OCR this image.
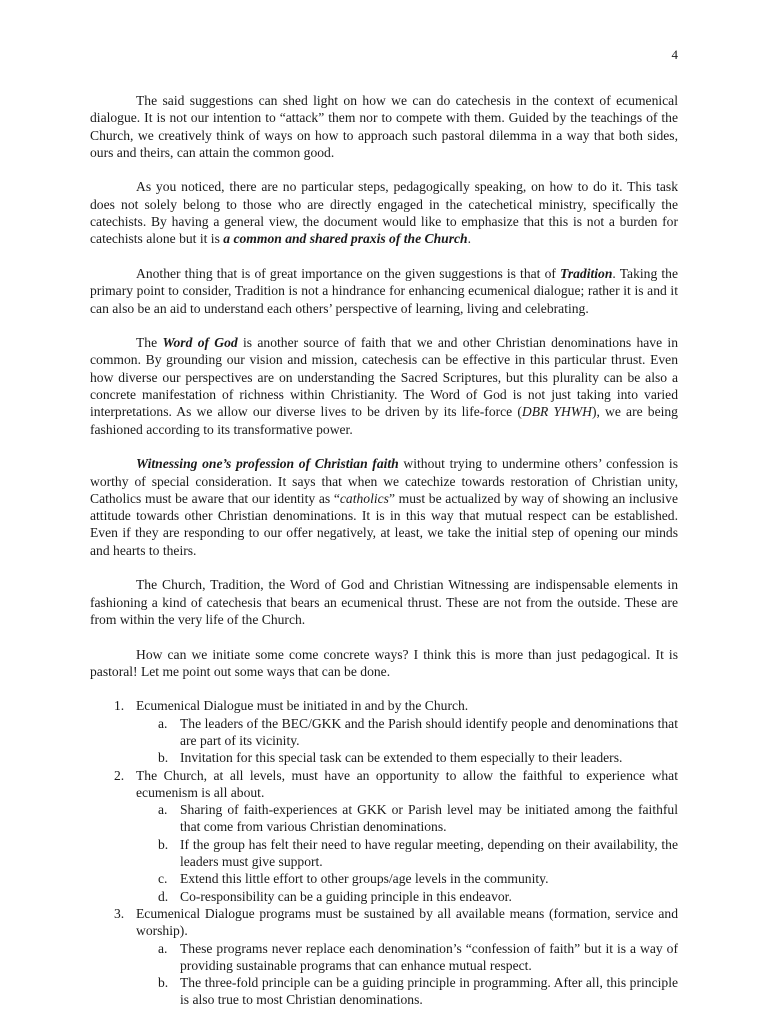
4

The said suggestions can shed light on how we can do catechesis in the context of ecumenical dialogue. It is not our intention to “attack” them nor to compete with them. Guided by the teachings of the Church, we creatively think of ways on how to approach such pastoral dilemma in a way that both sides, ours and theirs, can attain the common good.

As you noticed, there are no particular steps, pedagogically speaking, on how to do it. This task does not solely belong to those who are directly engaged in the catechetical ministry, specifically the catechists. By having a general view, the document would like to emphasize that this is not a burden for catechists alone but it is a common and shared praxis of the Church.

Another thing that is of great importance on the given suggestions is that of Tradition. Taking the primary point to consider, Tradition is not a hindrance for enhancing ecumenical dialogue; rather it is and it can also be an aid to understand each others’ perspective of learning, living and celebrating.

The Word of God is another source of faith that we and other Christian denominations have in common. By grounding our vision and mission, catechesis can be effective in this particular thrust. Even how diverse our perspectives are on understanding the Sacred Scriptures, but this plurality can be also a concrete manifestation of richness within Christianity. The Word of God is not just taking into varied interpretations. As we allow our diverse lives to be driven by its life-force (DBR YHWH), we are being fashioned according to its transformative power.

Witnessing one’s profession of Christian faith without trying to undermine others’ confession is worthy of special consideration. It says that when we catechize towards restoration of Christian unity, Catholics must be aware that our identity as “catholics” must be actualized by way of showing an inclusive attitude towards other Christian denominations. It is in this way that mutual respect can be established. Even if they are responding to our offer negatively, at least, we take the initial step of opening our minds and hearts to theirs.

The Church, Tradition, the Word of God and Christian Witnessing are indispensable elements in fashioning a kind of catechesis that bears an ecumenical thrust. These are not from the outside. These are from within the very life of the Church.

How can we initiate some come concrete ways? I think this is more than just pedagogical. It is pastoral! Let me point out some ways that can be done.

1. Ecumenical Dialogue must be initiated in and by the Church.
a. The leaders of the BEC/GKK and the Parish should identify people and denominations that are part of its vicinity.
b. Invitation for this special task can be extended to them especially to their leaders.
2. The Church, at all levels, must have an opportunity to allow the faithful to experience what ecumenism is all about.
a. Sharing of faith-experiences at GKK or Parish level may be initiated among the faithful that come from various Christian denominations.
b. If the group has felt their need to have regular meeting, depending on their availability, the leaders must give support.
c. Extend this little effort to other groups/age levels in the community.
d. Co-responsibility can be a guiding principle in this endeavor.
3. Ecumenical Dialogue programs must be sustained by all available means (formation, service and worship).
a. These programs never replace each denomination’s “confession of faith” but it is a way of providing sustainable programs that can enhance mutual respect.
b. The three-fold principle can be a guiding principle in programming. After all, this principle is also true to most Christian denominations.
